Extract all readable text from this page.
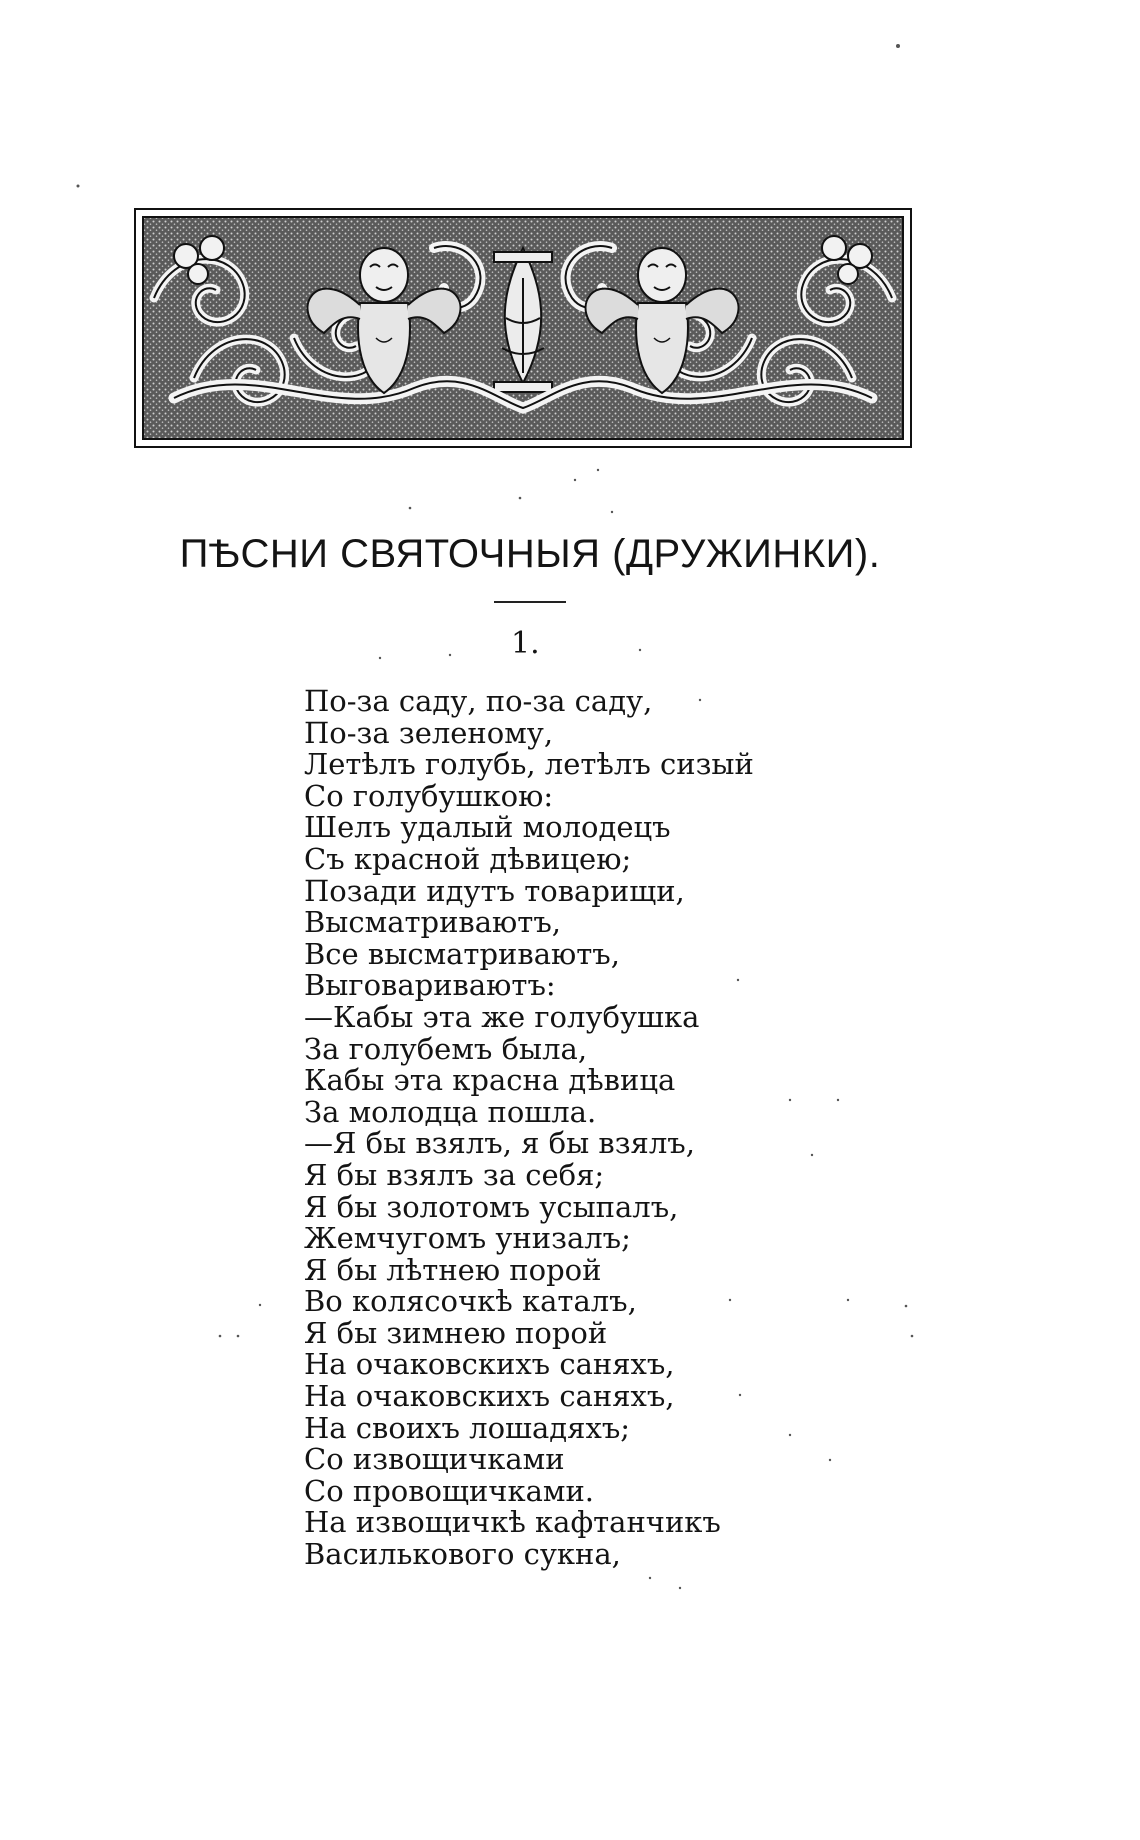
ПѢСНИ СВЯТОЧНЫЯ (ДРУЖИНКИ).
1.
По-за саду, по-за саду,
По-за зеленому,
Летѣлъ голубь, летѣлъ сизый
Со голубушкою:
Шелъ удалый молодецъ
Съ красной дѣвицею;
Позади идутъ товарищи,
Высматриваютъ,
Все высматриваютъ,
Выговариваютъ:
—Кабы эта же голубушка
За голубемъ была,
Кабы эта красна дѣвица
За молодца пошла.
—Я бы взялъ, я бы взялъ,
Я бы взялъ за себя;
Я бы золотомъ усыпалъ,
Жемчугомъ унизалъ;
Я бы лѣтнею порой
Во колясочкѣ каталъ,
Я бы зимнею порой
На очаковскихъ саняхъ,
На очаковскихъ саняхъ,
На своихъ лошадяхъ;
Со извощичками
Со провощичками.
На извощичкѣ кафтанчикъ
Василькового сукна,
